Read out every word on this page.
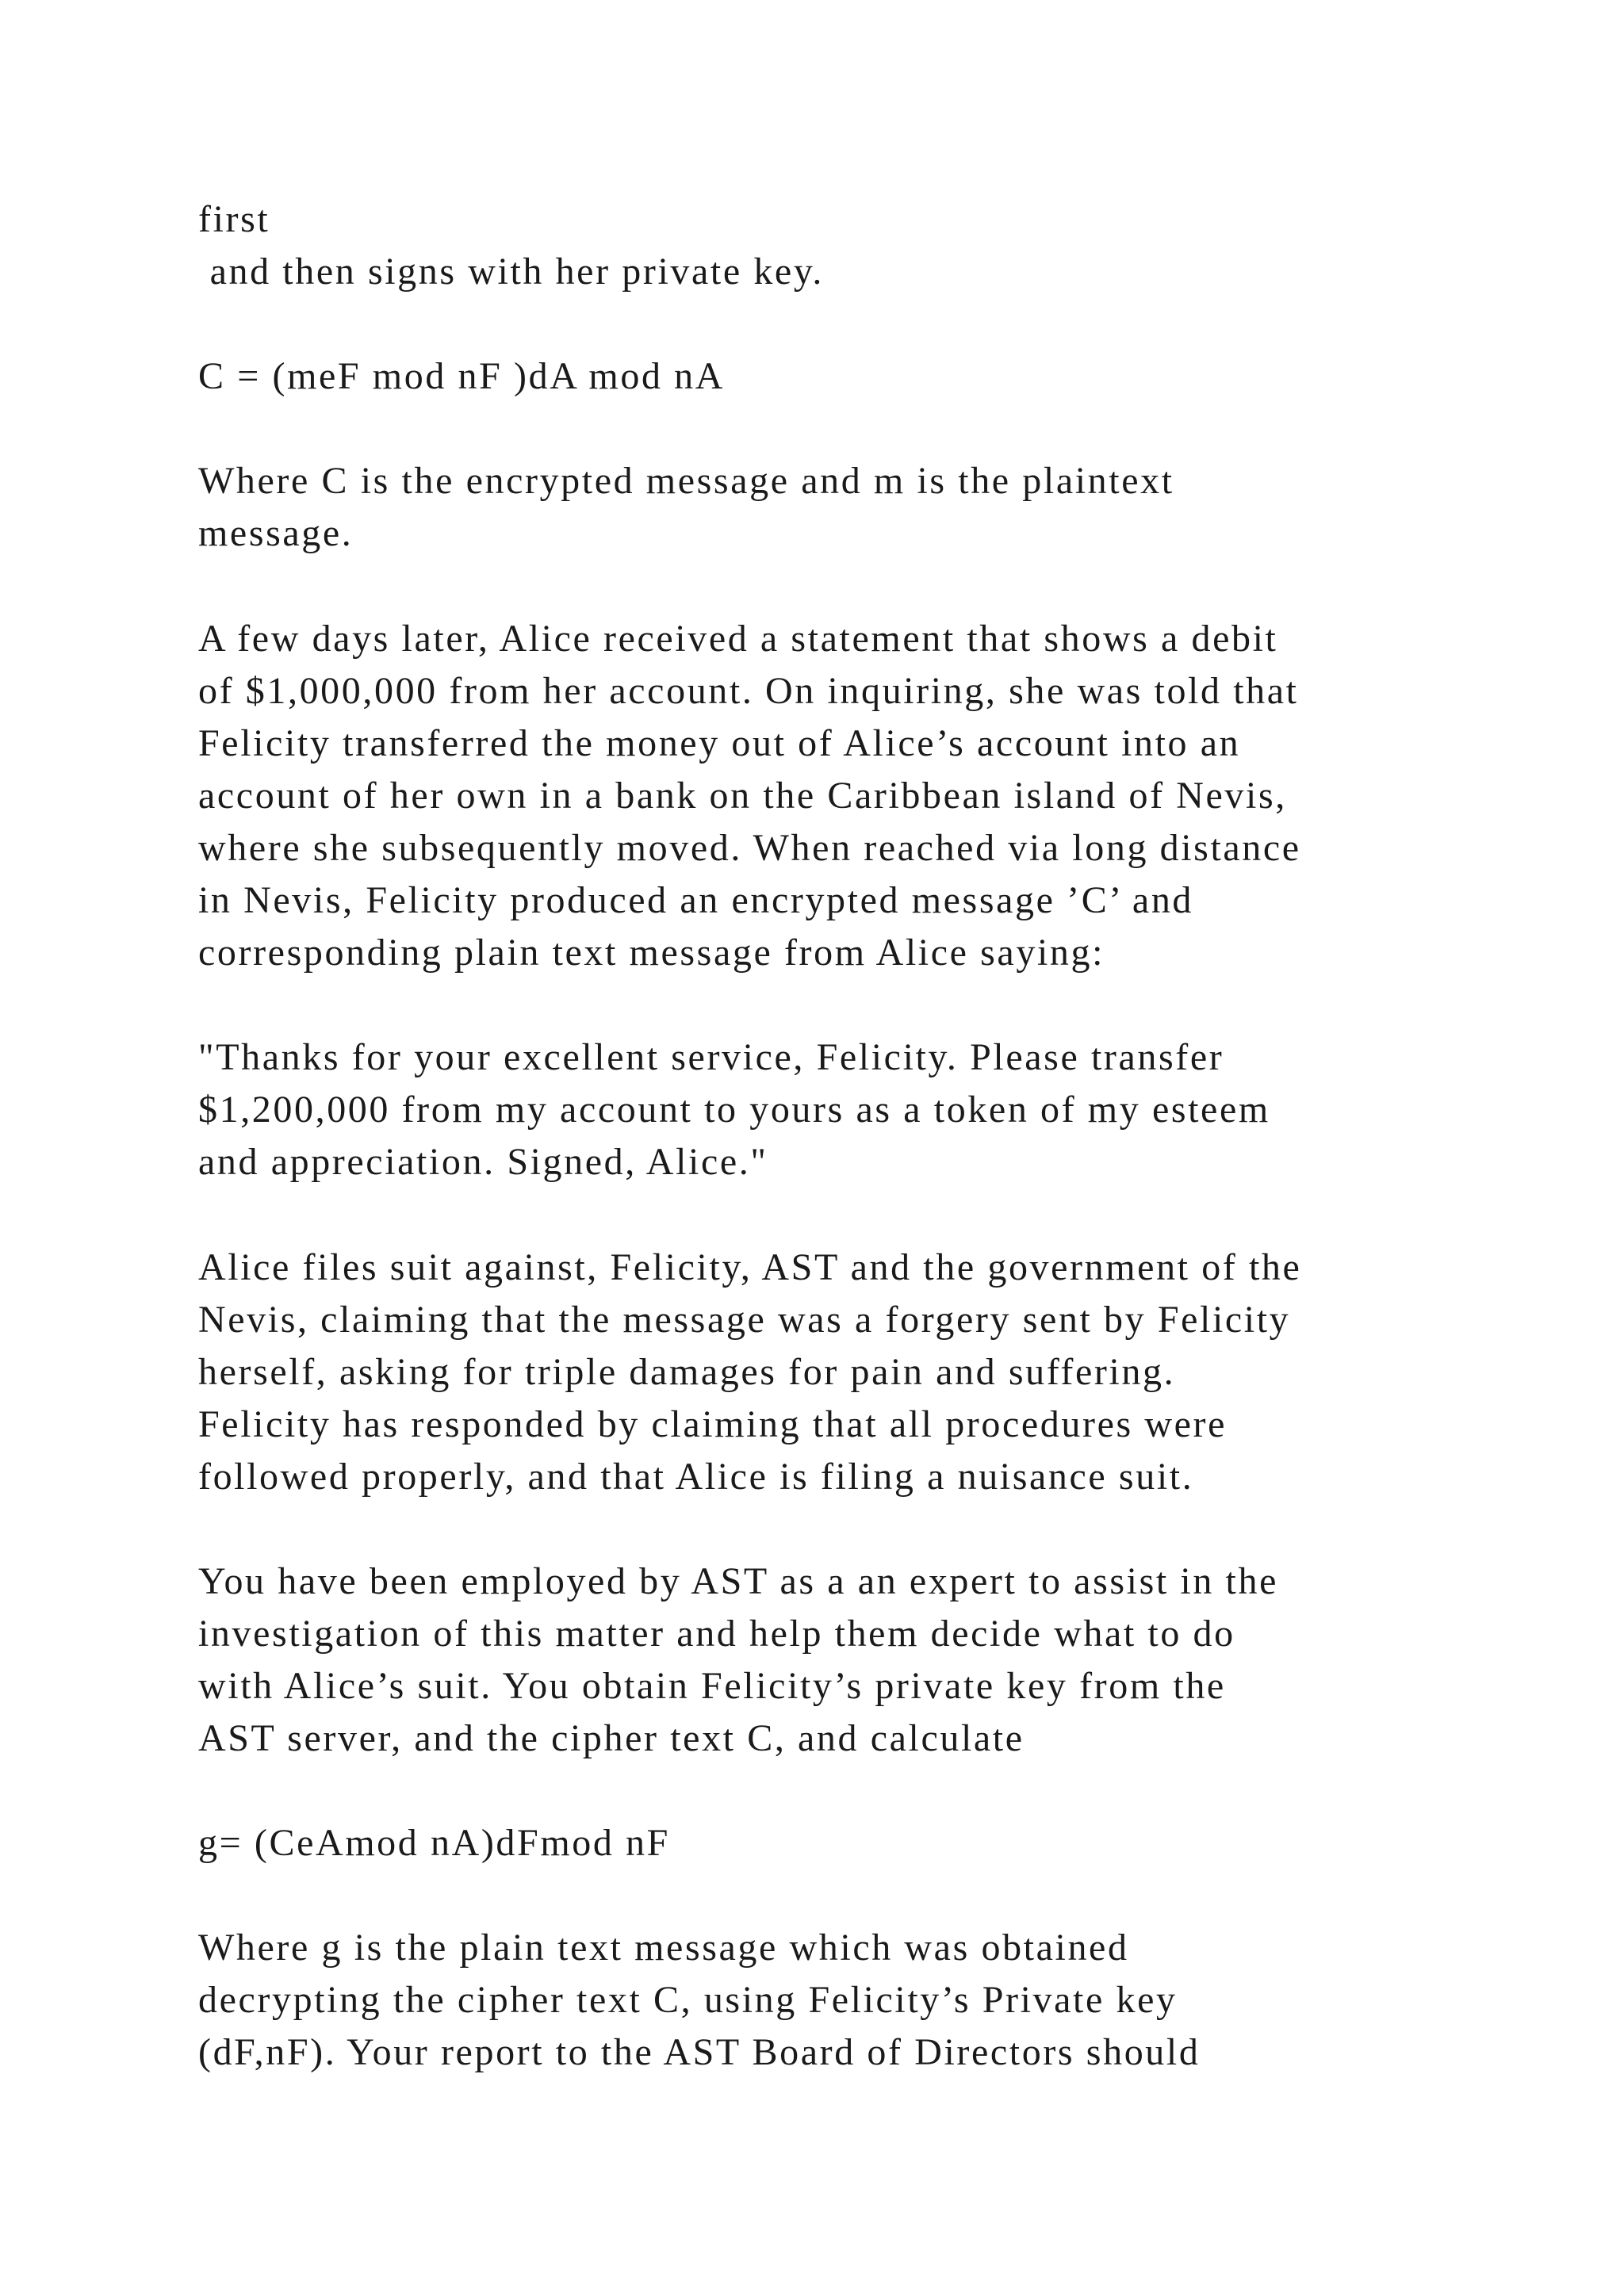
first

and then signs with her private key.

C = (meF mod nF )dA mod nA

Where C is the encrypted message and m is the plaintext

message.

A few days later, Alice received a statement that shows a debit

of $1,000,000 from her account. On inquiring, she was told that

Felicity transferred the money out of Alice’s account into an

account of her own in a bank on the Caribbean island of Nevis,

where she subsequently moved. When reached via long distance

in Nevis, Felicity produced an encrypted message ’C’ and

corresponding plain text message from Alice saying:

"Thanks for your excellent service, Felicity. Please transfer

$1,200,000 from my account to yours as a token of my esteem

and appreciation. Signed, Alice."

Alice files suit against, Felicity, AST and the government of the

Nevis, claiming that the message was a forgery sent by Felicity

herself, asking for triple damages for pain and suffering.

Felicity has responded by claiming that all procedures were

followed properly, and that Alice is filing a nuisance suit.

You have been employed by AST as a an expert to assist in the

investigation of this matter and help them decide what to do

with Alice’s suit. You obtain Felicity’s private key from the

AST server, and the cipher text C, and calculate

g= (CeAmod nA)dFmod nF

Where g is the plain text message which was obtained

decrypting the cipher text C, using Felicity’s Private key

(dF,nF). Your report to the AST Board of Directors should
